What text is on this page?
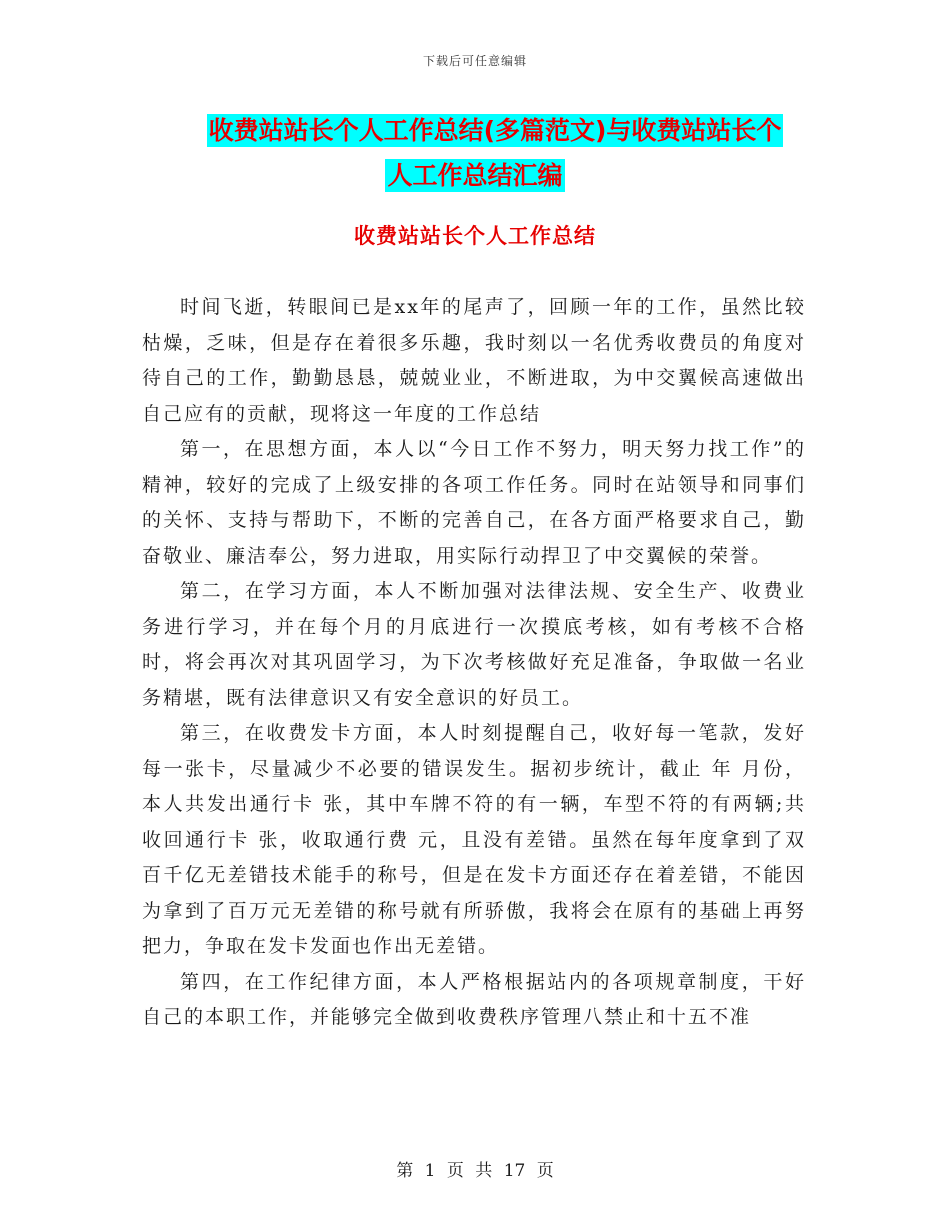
下载后可任意编辑
收费站站长个人工作总结(多篇范文)与收费站站长个
人工作总结汇编
收费站站长个人工作总结

时间飞逝，转眼间已是xx年的尾声了，回顾一年的工作，虽然比较枯燥，乏味，但是存在着很多乐趣，我时刻以一名优秀收费员的角度对待自己的工作，勤勤恳恳，兢兢业业，不断进取，为中交翼候高速做出自己应有的贡献，现将这一年度的工作总结

第一，在思想方面，本人以“今日工作不努力，明天努力找工作”的精神，较好的完成了上级安排的各项工作任务。同时在站领导和同事们的关怀、支持与帮助下，不断的完善自己，在各方面严格要求自己，勤奋敬业、廉洁奉公，努力进取，用实际行动捍卫了中交翼候的荣誉。

第二，在学习方面，本人不断加强对法律法规、安全生产、收费业务进行学习，并在每个月的月底进行一次摸底考核，如有考核不合格时，将会再次对其巩固学习，为下次考核做好充足准备，争取做一名业务精堪，既有法律意识又有安全意识的好员工。

第三，在收费发卡方面，本人时刻提醒自己，收好每一笔款，发好每一张卡，尽量减少不必要的错误发生。据初步统计，截止 年 月份，本人共发出通行卡 张，其中车牌不符的有一辆，车型不符的有两辆;共收回通行卡 张，收取通行费 元，且没有差错。虽然在每年度拿到了双百千亿无差错技术能手的称号，但是在发卡方面还存在着差错，不能因为拿到了百万元无差错的称号就有所骄傲，我将会在原有的基础上再努把力，争取在发卡发面也作出无差错。

第四，在工作纪律方面，本人严格根据站内的各项规章制度，干好自己的本职工作，并能够完全做到收费秩序管理八禁止和十五不准

第 1 页 共 17 页
